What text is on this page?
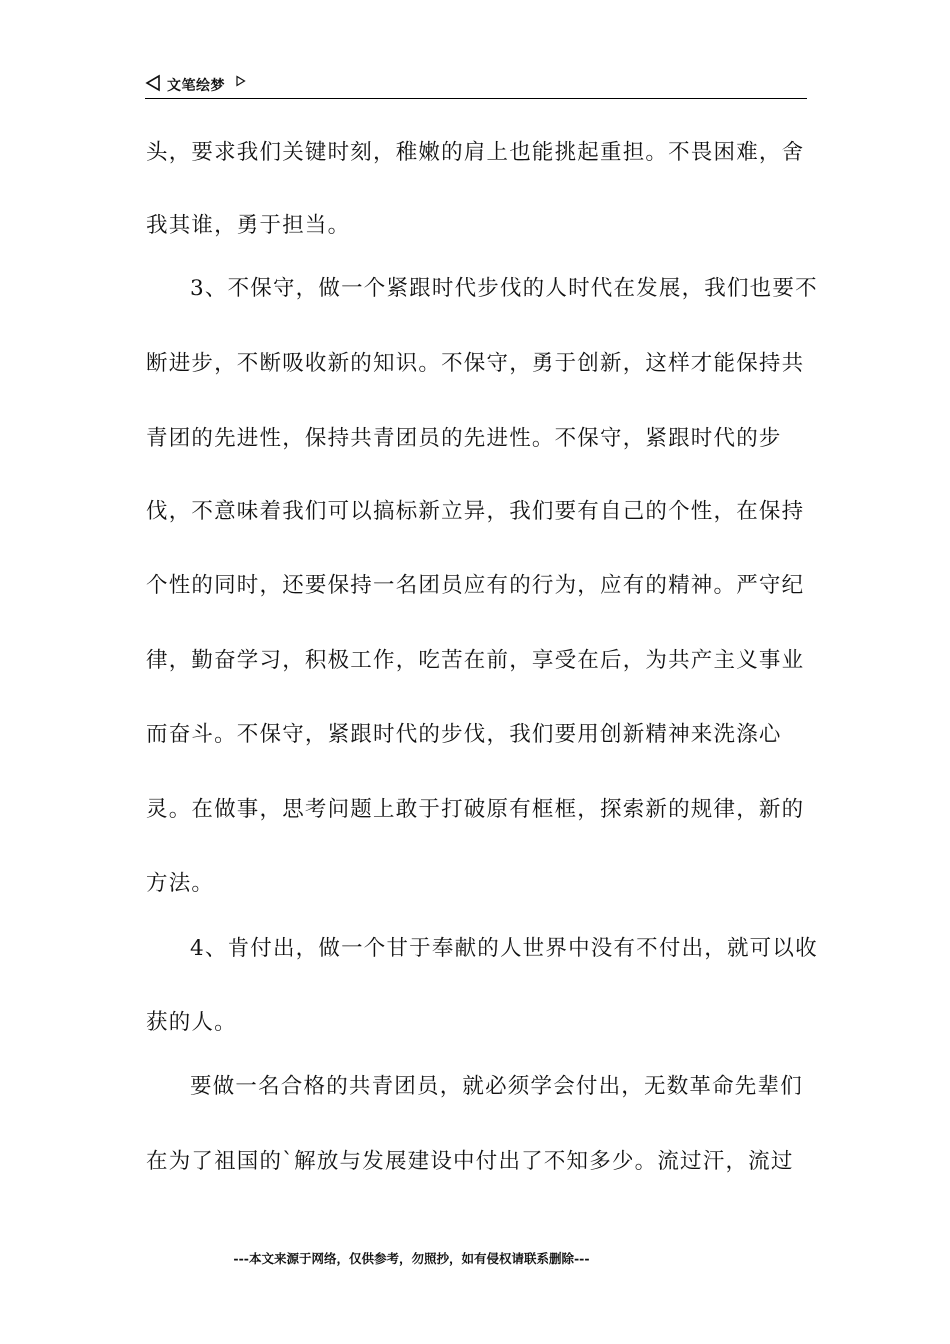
文笔绘梦
头，要求我们关键时刻，稚嫩的肩上也能挑起重担。不畏困难，舍
我其谁，勇于担当。
3、不保守，做一个紧跟时代步伐的人时代在发展，我们也要不
断进步，不断吸收新的知识。不保守，勇于创新，这样才能保持共
青团的先进性，保持共青团员的先进性。不保守，紧跟时代的步
伐，不意味着我们可以搞标新立异，我们要有自己的个性，在保持
个性的同时，还要保持一名团员应有的行为，应有的精神。严守纪
律，勤奋学习，积极工作，吃苦在前，享受在后，为共产主义事业
而奋斗。不保守，紧跟时代的步伐，我们要用创新精神来洗涤心
灵。在做事，思考问题上敢于打破原有框框，探索新的规律，新的
方法。
4、肯付出，做一个甘于奉献的人世界中没有不付出，就可以收
获的人。
要做一名合格的共青团员，就必须学会付出，无数革命先辈们
在为了祖国的`解放与发展建设中付出了不知多少。流过汗，流过
---本文来源于网络，仅供参考，勿照抄，如有侵权请联系删除---
